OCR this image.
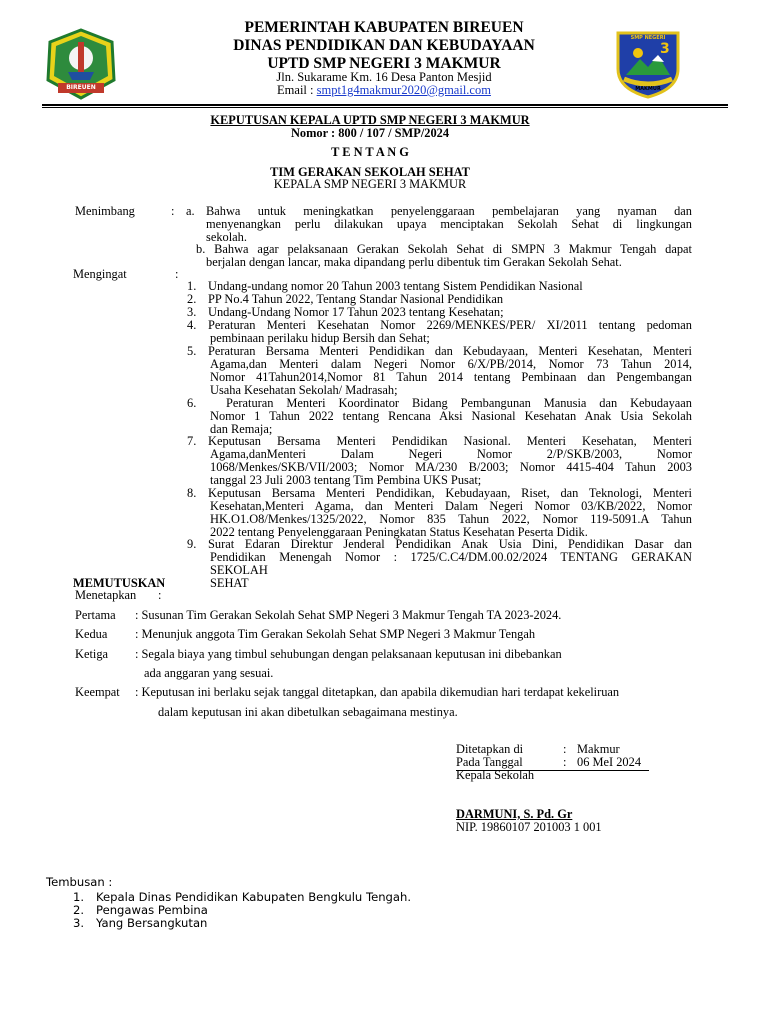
BIREUEN
PEMERINTAH KABUPATEN BIREUEN
DINAS PENDIDIKAN DAN KEBUDAYAAN
UPTD SMP NEGERI 3 MAKMUR
Jln. Sukarame Km. 16 Desa Panton Mesjid
Email : smpt1g4makmur2020@gmail.com
SMP NEGERI
3
MAKMUR
KEPUTUSAN KEPALA UPTD SMP NEGERI 3 MAKMUR
Nomor : 800 / 107 / SMP/2024
T E N T A N G
TIM GERAKAN SEKOLAH SEHAT
KEPALA SMP NEGERI 3 MAKMUR
Menimbang	: a. Bahwa untuk meningkatkan penyelenggaraan pembelajaran yang nyaman dan
menyenangkan perlu dilakukan upaya menciptakan Sekolah Sehat di lingkungan
sekolah.
b. Bahwa agar pelaksanaan Gerakan Sekolah Sehat di SMPN 3 Makmur Tengah dapat
berjalan dengan lancar, maka dipandang perlu dibentuk tim Gerakan Sekolah Sehat.
Mengingat	:
1. Undang-undang nomor 20 Tahun 2003 tentang Sistem Pendidikan Nasional
2. PP No.4 Tahun 2022, Tentang Standar Nasional Pendidikan
3. Undang-Undang Nomor 17 Tahun 2023 tentang Kesehatan;
4. Peraturan Menteri Kesehatan Nomor 2269/MENKES/PER/ XI/2011 tentang pedoman
pembinaan perilaku hidup Bersih dan Sehat;
5. Peraturan Bersama Menteri Pendidikan dan Kebudayaan, Menteri Kesehatan, Menteri
Agama,dan Menteri dalam Negeri Nomor 6/X/PB/2014, Nomor 73 Tahun 2014,
Nomor 41Tahun2014,Nomor 81 Tahun 2014 tentang Pembinaan dan Pengembangan
Usaha Kesehatan Sekolah/ Madrasah;
6. Peraturan Menteri Koordinator Bidang Pembangunan Manusia dan Kebudayaan
Nomor 1 Tahun 2022 tentang Rencana Aksi Nasional Kesehatan Anak Usia Sekolah
dan Remaja;
7. Keputusan Bersama Menteri Pendidikan Nasional. Menteri Kesehatan, Menteri
Agama,danMenteri Dalam Negeri Nomor 2/P/SKB/2003, Nomor
1068/Menkes/SKB/VII/2003; Nomor MA/230 B/2003; Nomor 4415-404 Tahun 2003
tanggal 23 Juli 2003 tentang Tim Pembina UKS Pusat;
8. Keputusan Bersama Menteri Pendidikan, Kebudayaan, Riset, dan Teknologi, Menteri
Kesehatan,Menteri Agama, dan Menteri Dalam Negeri Nomor 03/KB/2022, Nomor
HK.O1.O8/Menkes/1325/2022, Nomor 835 Tahun 2022, Nomor 119-5091.A Tahun
2022 tentang Penyelenggaraan Peningkatan Status Kesehatan Peserta Didik.
9. Surat Edaran Direktur Jenderal Pendidikan Anak Usia Dini, Pendidikan Dasar dan
Pendidikan Menengah Nomor : 1725/C.C4/DM.00.02/2024 TENTANG GERAKAN
SEKOLAH SEHAT
MEMUTUSKAN
Menetapkan :
Pertama : Susunan Tim Gerakan Sekolah Sehat SMP Negeri 3 Makmur Tengah TA 2023-2024.
Kedua : Menunjuk anggota Tim Gerakan Sekolah Sehat SMP Negeri 3 Makmur Tengah
Ketiga : Segala biaya yang timbul sehubungan dengan pelaksanaan keputusan ini dibebankan
ada anggaran yang sesuai.
Keempat : Keputusan ini berlaku sejak tanggal ditetapkan, dan apabila dikemudian hari terdapat kekeliruan
dalam keputusan ini akan dibetulkan sebagaimana mestinya.
Ditetapkan di	: Makmur
Pada Tanggal	: 06 MeI 2024
Kepala Sekolah
DARMUNI, S. Pd. Gr
NIP. 19860107 201003 1 001
Tembusan :
1. Kepala Dinas Pendidikan Kabupaten Bengkulu Tengah.
2. Pengawas Pembina
3. Yang Bersangkutan
